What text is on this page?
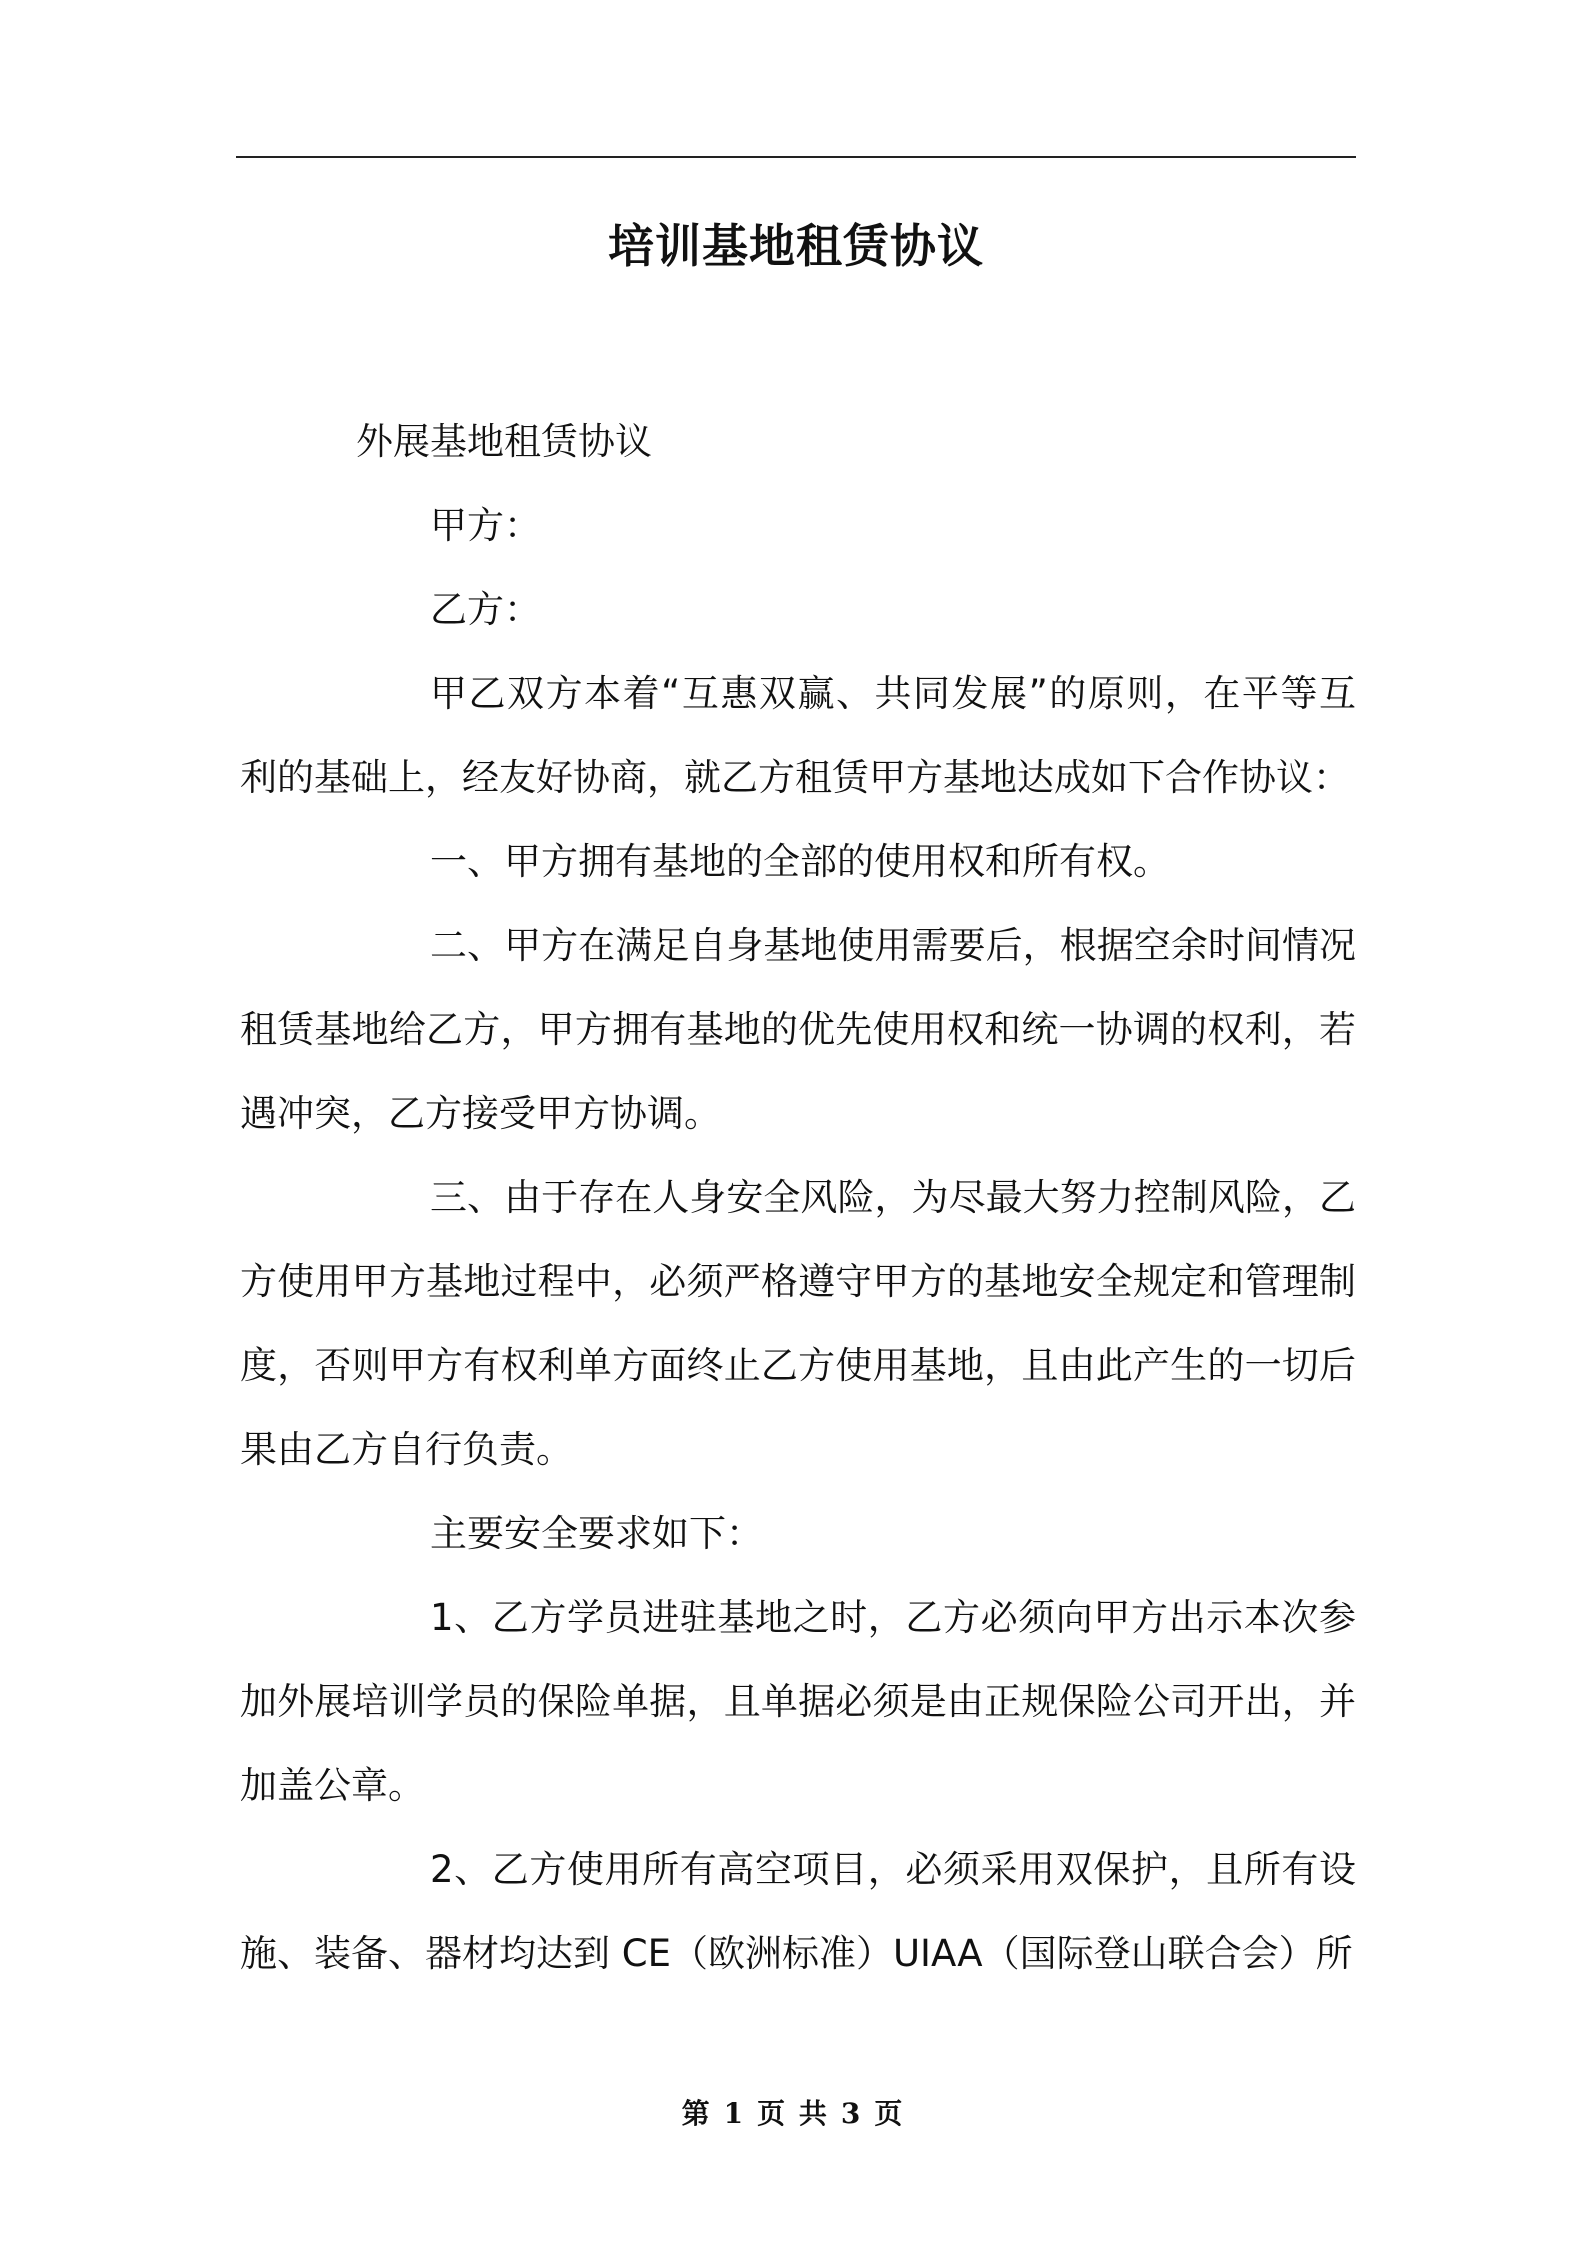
培训基地租赁协议

外展基地租赁协议

甲方：

乙方：

甲乙双方本着“互惠双赢、共同发展”的原则，在平等互利的基础上，经友好协商，就乙方租赁甲方基地达成如下合作协议：

一、甲方拥有基地的全部的使用权和所有权。

二、甲方在满足自身基地使用需要后，根据空余时间情况租赁基地给乙方，甲方拥有基地的优先使用权和统一协调的权利，若遇冲突，乙方接受甲方协调。

三、由于存在人身安全风险，为尽最大努力控制风险，乙方使用甲方基地过程中，必须严格遵守甲方的基地安全规定和管理制度，否则甲方有权利单方面终止乙方使用基地，且由此产生的一切后果由乙方自行负责。

主要安全要求如下：

1、乙方学员进驻基地之时，乙方必须向甲方出示本次参加外展培训学员的保险单据，且单据必须是由正规保险公司开出，并加盖公章。

2、乙方使用所有高空项目，必须采用双保护，且所有设施、装备、器材均达到 CE（欧洲标准）UIAA（国际登山联合会）所

第 1 页 共 3 页
